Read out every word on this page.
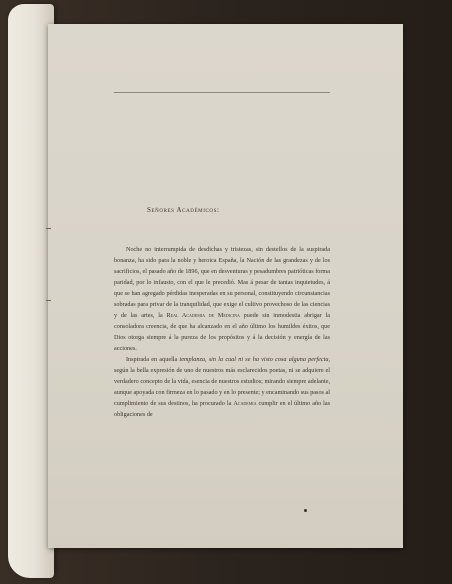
Señores Académicos:

Noche no interrumpida de desdichas y tristezas, sin destellos de la suspirada bonanza, ha sido para la noble y heroica España, la Nación de las grandezas y de los sacrificios, el pasado año de 1896, que en desventuras y pesadumbres patrióticas forma paridad, por lo infausto, con el que le precedió. Mas á pesar de tantas inquietudes, á que se han agregado pérdidas inesperadas en su personal, constituyendo circunstancias sobradas para privar de la tranquilidad, que exige el cultivo provechoso de las ciencias y de las artes, la Real Academia de Medicina puede sin inmodestia abrigar la consoladora creencia, de que ha alcanzado en el año último los humildes éxitos, que Dios otorga siempre á la pureza de los propósitos y á la decisión y energía de las acciones.

Inspirada en aquella templanza, sin la cual ni se ha visto cosa alguna perfecta, según la bella expresión de uno de nuestros más esclarecidos poetas, ni se adquiere el verdadero concepto de la vida, esencia de nuestros estudios; mirando siempre adelante, aunque apoyada con firmeza en lo pasado y en lo presente; y encaminando sus pasos al cumplimiento de sus destinos, ha procurado la Academia cumplir en el último año las obligaciones de
